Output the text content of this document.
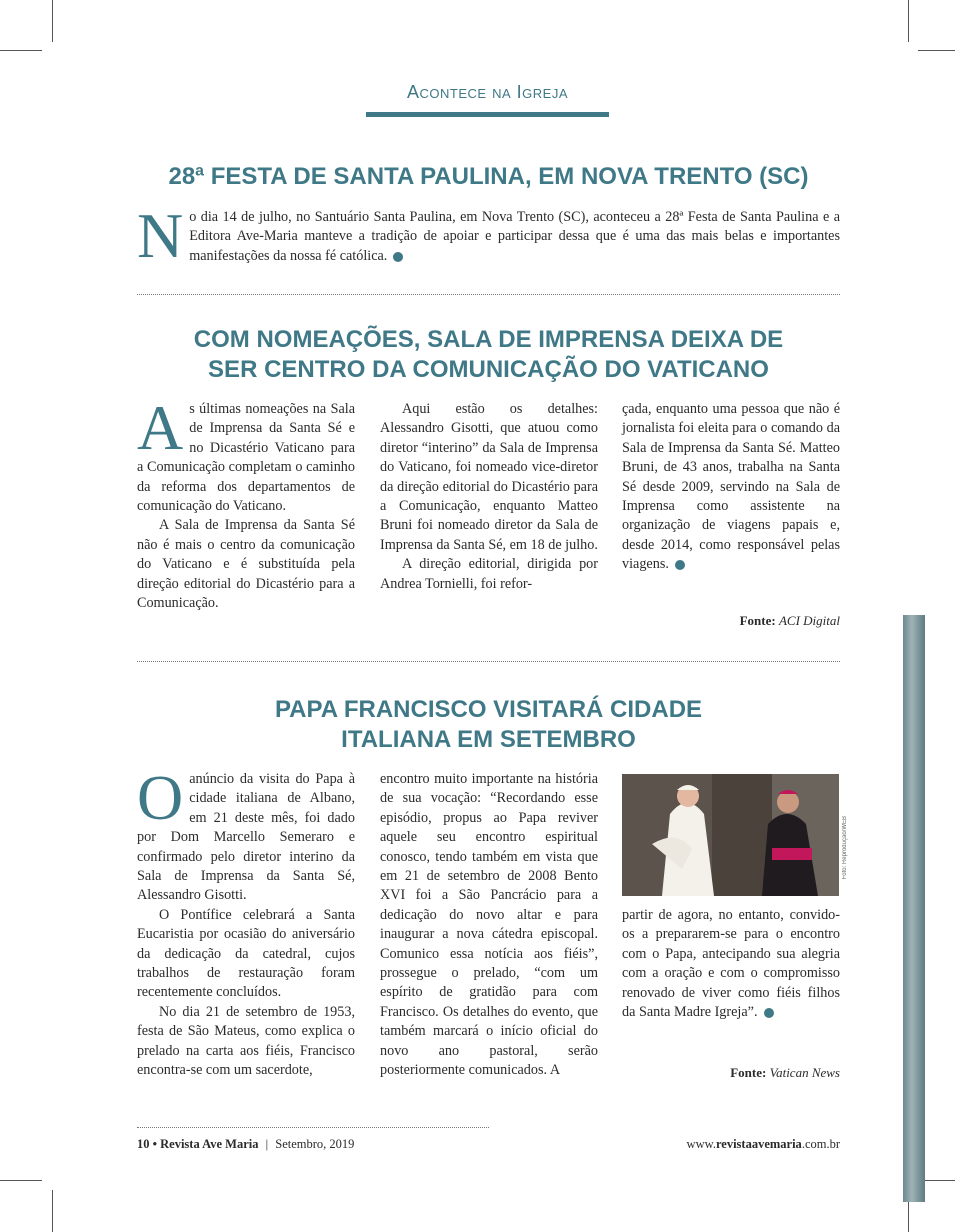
Acontece na Igreja
28ª FESTA DE SANTA PAULINA, EM NOVA TRENTO (SC)
N o dia 14 de julho, no Santuário Santa Paulina, em Nova Trento (SC), aconteceu a 28ª Festa de Santa Paulina e a Editora Ave-Maria manteve a tradição de apoiar e participar dessa que é uma das mais belas e importantes manifestações da nossa fé católica.

COM NOMEAÇÕES, SALA DE IMPRENSA DEIXA DE
SER CENTRO DA COMUNICAÇÃO DO VATICANO
A s últimas nomeações na Sala de Imprensa da Santa Sé e no Dicastério Vaticano para a Comunicação completam o caminho da reforma dos departamentos de comunicação do Vaticano.

A Sala de Imprensa da Santa Sé não é mais o centro da comunicação do Vaticano e é substituída pela direção editorial do Dicastério para a Comunicação.

Aqui estão os detalhes: Alessandro Gisotti, que atuou como diretor “interino” da Sala de Imprensa do Vaticano, foi nomeado vice-diretor da direção editorial do Dicastério para a Comunicação, enquanto Matteo Bruni foi nomeado diretor da Sala de Imprensa da Santa Sé, em 18 de julho.

A direção editorial, dirigida por Andrea Tornielli, foi refor-

çada, enquanto uma pessoa que não é jornalista foi eleita para o comando da Sala de Imprensa da Santa Sé. Matteo Bruni, de 43 anos, trabalha na Santa Sé desde 2009, servindo na Sala de Imprensa como assistente na organização de viagens papais e, desde 2014, como responsável pelas viagens.

Fonte: ACI Digital
PAPA FRANCISCO VISITARÁ CIDADE
ITALIANA EM SETEMBRO
O anúncio da visita do Papa à cidade italiana de Albano, em 21 deste mês, foi dado por Dom Marcello Semeraro e confirmado pelo diretor interino da Sala de Imprensa da Santa Sé, Alessandro Gisotti.

O Pontífice celebrará a Santa Eucaristia por ocasião do aniversário da dedicação da catedral, cujos trabalhos de restauração foram recentemente concluídos.

No dia 21 de setembro de 1953, festa de São Mateus, como explica o prelado na carta aos fiéis, Francisco encontra-se com um sacerdote,

encontro muito importante na história de sua vocação: “Recordando esse episódio, propus ao Papa reviver aquele seu encontro espiritual conosco, tendo também em vista que em 21 de setembro de 2008 Bento XVI foi a São Pancrácio para a dedicação do novo altar e para inaugurar a nova cátedra episcopal. Comunico essa notícia aos fiéis”, prossegue o prelado, “com um espírito de gratidão para com Francisco. Os detalhes do evento, que também marcará o início oficial do novo ano pastoral, serão posteriormente comunicados. A

Foto: Reprodução/WEB

partir de agora, no entanto, convido-os a prepararem-se para o encontro com o Papa, antecipando sua alegria com a oração e com o compromisso renovado de viver como fiéis filhos da Santa Madre Igreja”.

Fonte: Vatican News
10 • Revista Ave Maria | Setembro, 2019	www.revistaavemaria.com.br
